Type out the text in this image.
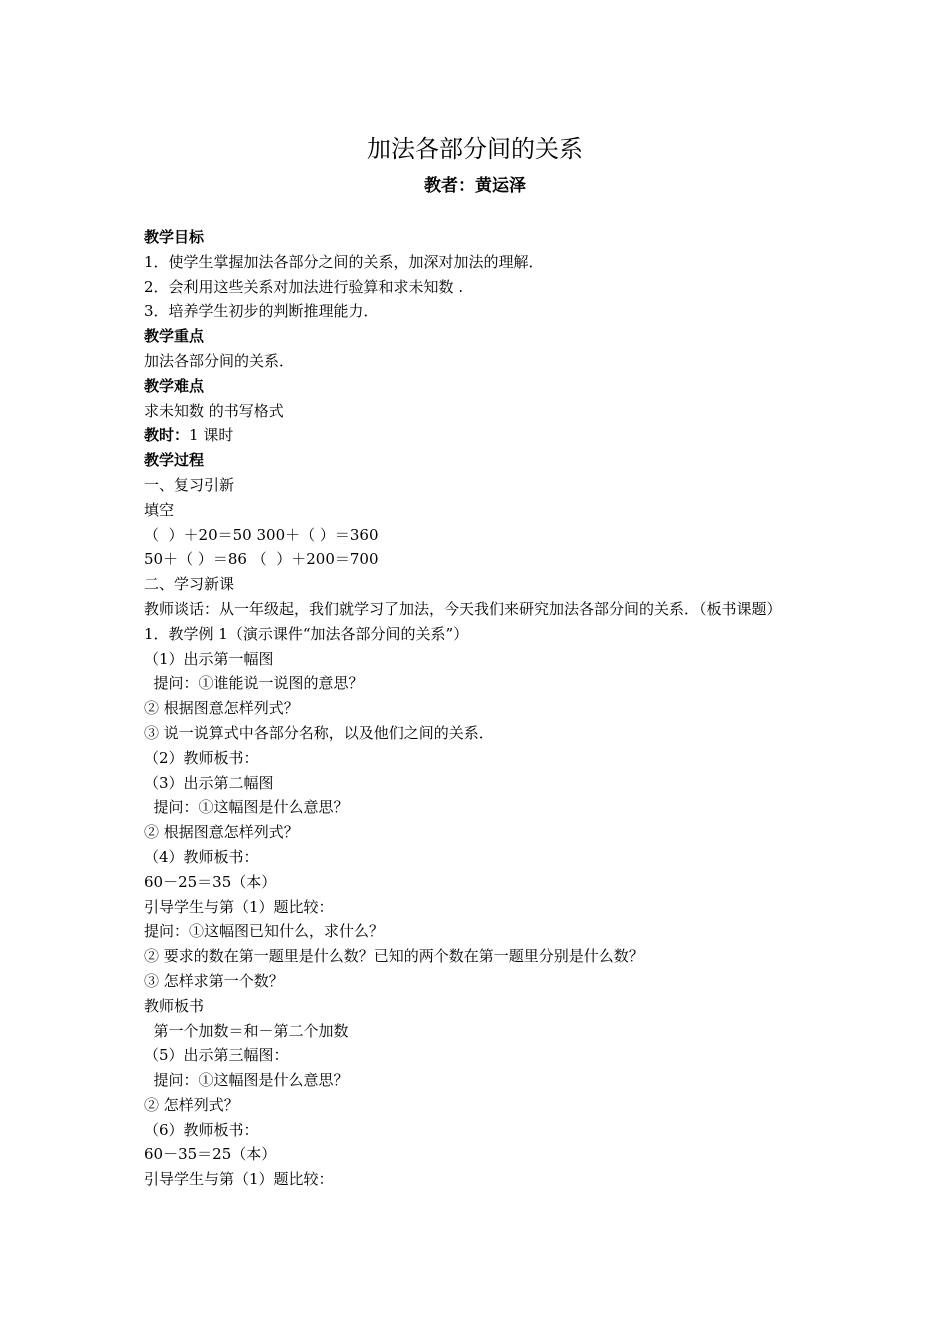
加法各部分间的关系
教者：黄运泽

教学目标

1．使学生掌握加法各部分之间的关系，加深对加法的理解．

2．会利用这些关系对加法进行验算和求未知数 .

3．培养学生初步的判断推理能力．

教学重点

加法各部分间的关系．

教学难点

求未知数 的书写格式

教时：1 课时

教学过程

一、复习引新

填空

（  ）＋20＝50 300＋（ ）＝360

50＋（ ）＝86 （  ）＋200＝700

二、学习新课

教师谈话：从一年级起，我们就学习了加法，今天我们来研究加法各部分间的关系．（板书课题）

1．教学例 1（演示课件“加法各部分间的关系”）

（1）出示第一幅图

提问：①谁能说一说图的意思？

② 根据图意怎样列式？

③ 说一说算式中各部分名称，以及他们之间的关系．

（2）教师板书：

（3）出示第二幅图

提问：①这幅图是什么意思？

② 根据图意怎样列式？

（4）教师板书：

60－25＝35（本）

引导学生与第（1）题比较：

提问：①这幅图已知什么，求什么？

② 要求的数在第一题里是什么数？已知的两个数在第一题里分别是什么数？

③ 怎样求第一个数？

教师板书

第一个加数＝和－第二个加数

（5）出示第三幅图：

提问：①这幅图是什么意思？

② 怎样列式？

（6）教师板书：

60－35＝25（本）

引导学生与第（1）题比较：
